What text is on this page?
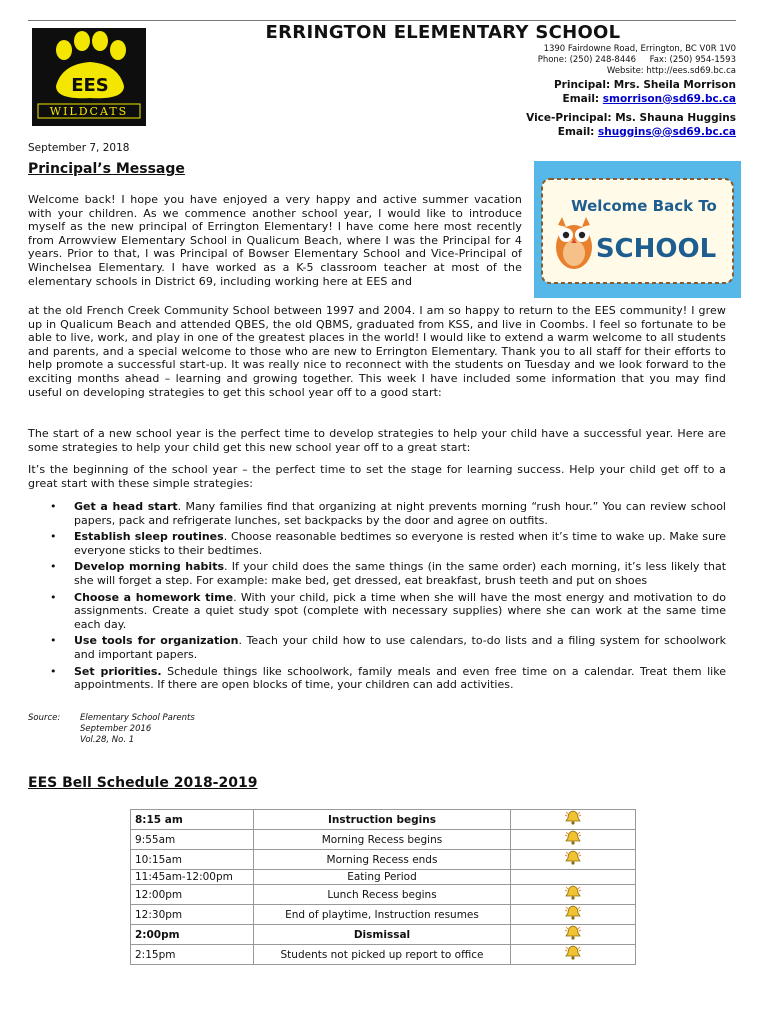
EES
WILDCATS
ERRINGTON ELEMENTARY SCHOOL
1390 Fairdowne Road, Errington, BC V0R 1V0
Phone: (250) 248-8446 Fax: (250) 954-1593
Website: http://ees.sd69.bc.ca
Principal: Mrs. Sheila Morrison
Email: smorrison@sd69.bc.ca
Vice-Principal: Ms. Shauna Huggins
Email: shuggins@@sd69.bc.ca
September 7, 2018
Principal’s Message
Welcome Back To
SCHOOL
Welcome back! I hope you have enjoyed a very happy and active summer vacation with your children. As we commence another school year, I would like to introduce myself as the new principal of Errington Elementary! I have come here most recently from Arrowview Elementary School in Qualicum Beach, where I was the Principal for 4 years. Prior to that, I was Principal of Bowser Elementary School and Vice-Principal of Winchelsea Elementary. I have worked as a K-5 classroom teacher at most of the elementary schools in District 69, including working here at EES and
at the old French Creek Community School between 1997 and 2004. I am so happy to return to the EES community! I grew up in Qualicum Beach and attended QBES, the old QBMS, graduated from KSS, and live in Coombs. I feel so fortunate to be able to live, work, and play in one of the greatest places in the world! I would like to extend a warm welcome to all students and parents, and a special welcome to those who are new to Errington Elementary. Thank you to all staff for their efforts to help promote a successful start-up. It was really nice to reconnect with the students on Tuesday and we look forward to the exciting months ahead – learning and growing together. This week I have included some information that you may find useful on developing strategies to get this school year off to a good start:
The start of a new school year is the perfect time to develop strategies to help your child have a successful year. Here are some strategies to help your child get this new school year off to a great start:
It’s the beginning of the school year – the perfect time to set the stage for learning success. Help your child get off to a great start with these simple strategies:
• Get a head start. Many families find that organizing at night prevents morning “rush hour.” You can review school papers, pack and refrigerate lunches, set backpacks by the door and agree on outfits.
• Establish sleep routines. Choose reasonable bedtimes so everyone is rested when it’s time to wake up. Make sure everyone sticks to their bedtimes.
• Develop morning habits. If your child does the same things (in the same order) each morning, it’s less likely that she will forget a step. For example: make bed, get dressed, eat breakfast, brush teeth and put on shoes
• Choose a homework time. With your child, pick a time when she will have the most energy and motivation to do assignments. Create a quiet study spot (complete with necessary supplies) where she can work at the same time each day.
• Use tools for organization. Teach your child how to use calendars, to-do lists and a filing system for schoolwork and important papers.
• Set priorities. Schedule things like schoolwork, family meals and even free time on a calendar. Treat them like appointments. If there are open blocks of time, your children can add activities.
Source: Elementary School Parents
September 2016
Vol.28, No. 1
EES Bell Schedule 2018-2019
8:15 am	Instruction begins	
9:55am	Morning Recess begins	
10:15am	Morning Recess ends	
11:45am-12:00pm	Eating Period	
12:00pm	Lunch Recess begins	
12:30pm	End of playtime, Instruction resumes	
2:00pm	Dismissal	
2:15pm	Students not picked up report to office	
